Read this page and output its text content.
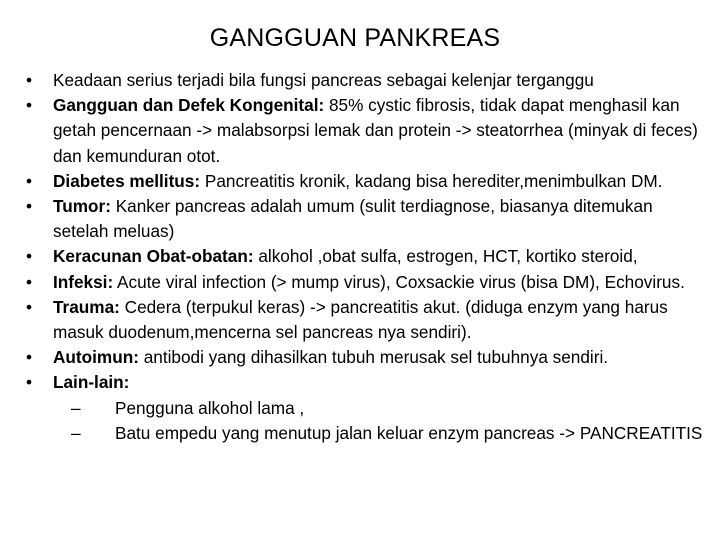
GANGGUAN PANKREAS
•	Keadaan serius terjadi bila fungsi pancreas sebagai kelenjar terganggu
•	Gangguan dan Defek Kongenital: 85% cystic fibrosis, tidak dapat menghasil kan getah pencernaan -> malabsorpsi lemak dan protein -> steatorrhea (minyak di feces) dan kemunduran otot.
•	Diabetes mellitus: Pancreatitis kronik, kadang bisa herediter,menimbulkan DM.
•	Tumor: Kanker pancreas adalah umum (sulit terdiagnose, biasanya ditemukan setelah meluas)
•	Keracunan Obat-obatan: alkohol ,obat sulfa, estrogen, HCT, kortiko steroid,
•	Infeksi: Acute viral infection (> mump virus), Coxsackie virus (bisa DM), Echovirus.
•	Trauma: Cedera (terpukul keras) -> pancreatitis akut. (diduga enzym yang harus masuk duodenum,mencerna sel pancreas nya sendiri).
•	Autoimun: antibodi yang dihasilkan tubuh merusak sel tubuhnya sendiri.
•	Lain-lain:
–	Pengguna alkohol lama ,
–	Batu empedu yang menutup jalan keluar enzym pancreas -> PANCREATITIS
